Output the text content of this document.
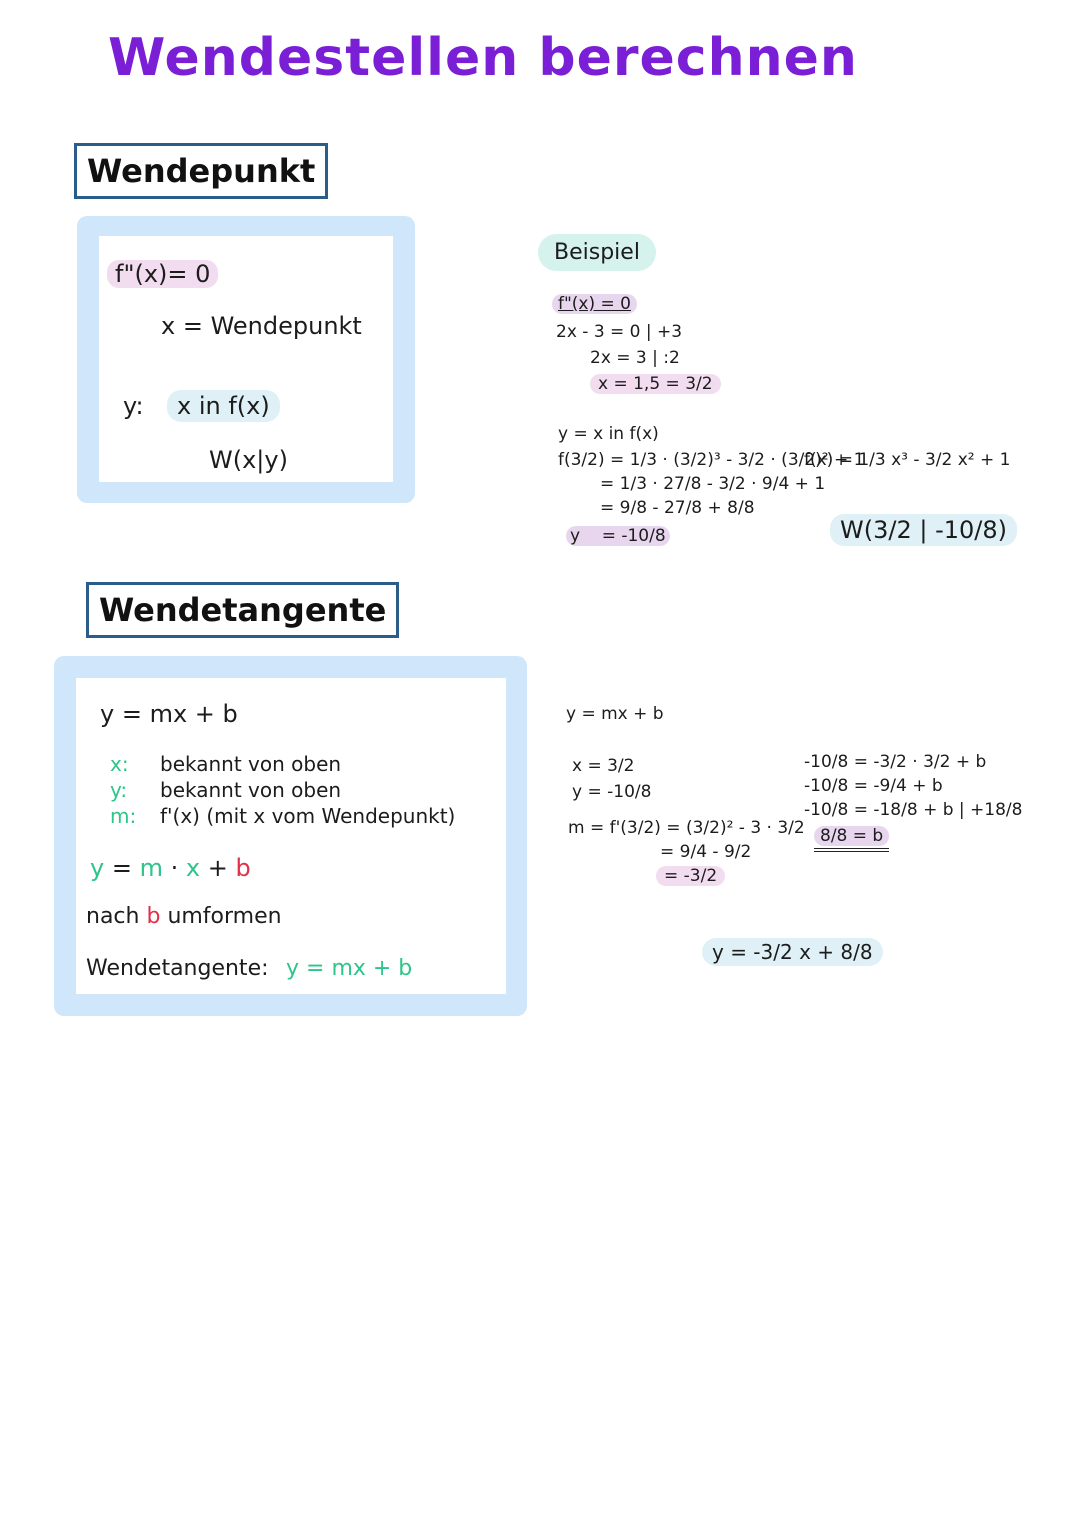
Wendestellen berechnen
Wendepunkt
f"(x)= 0
x = Wendepunkt
y:	x in f(x)
W(x|y)
Beispiel
f"(x) = 0
2x - 3 = 0 | +3
2x = 3 | :2
x = 1,5 = 3/2
y = x in f(x)
f(3/2) = 1/3 · (3/2)³ - 3/2 · (3/2)² + 1
= 1/3 · 27/8 - 3/2 · 9/4 + 1
= 9/8 - 27/8 + 8/8
y = -10/8
f(x) = 1/3 x³ - 3/2 x² + 1
W(3/2 | -10/8)
Wendetangente
y = mx + b
x: bekannt von oben
y: bekannt von oben
m: f'(x) (mit x vom Wendepunkt)
y = m · x + b
nach b umformen
Wendetangente: y = mx + b
y = mx + b
x = 3/2
y = -10/8
m = f'(3/2) = (3/2)² - 3 · 3/2
= 9/4 - 9/2
= -3/2
-10/8 = -3/2 · 3/2 + b
-10/8 = -9/4 + b
-10/8 = -18/8 + b | +18/8
8/8 = b
y = -3/2 x + 8/8
